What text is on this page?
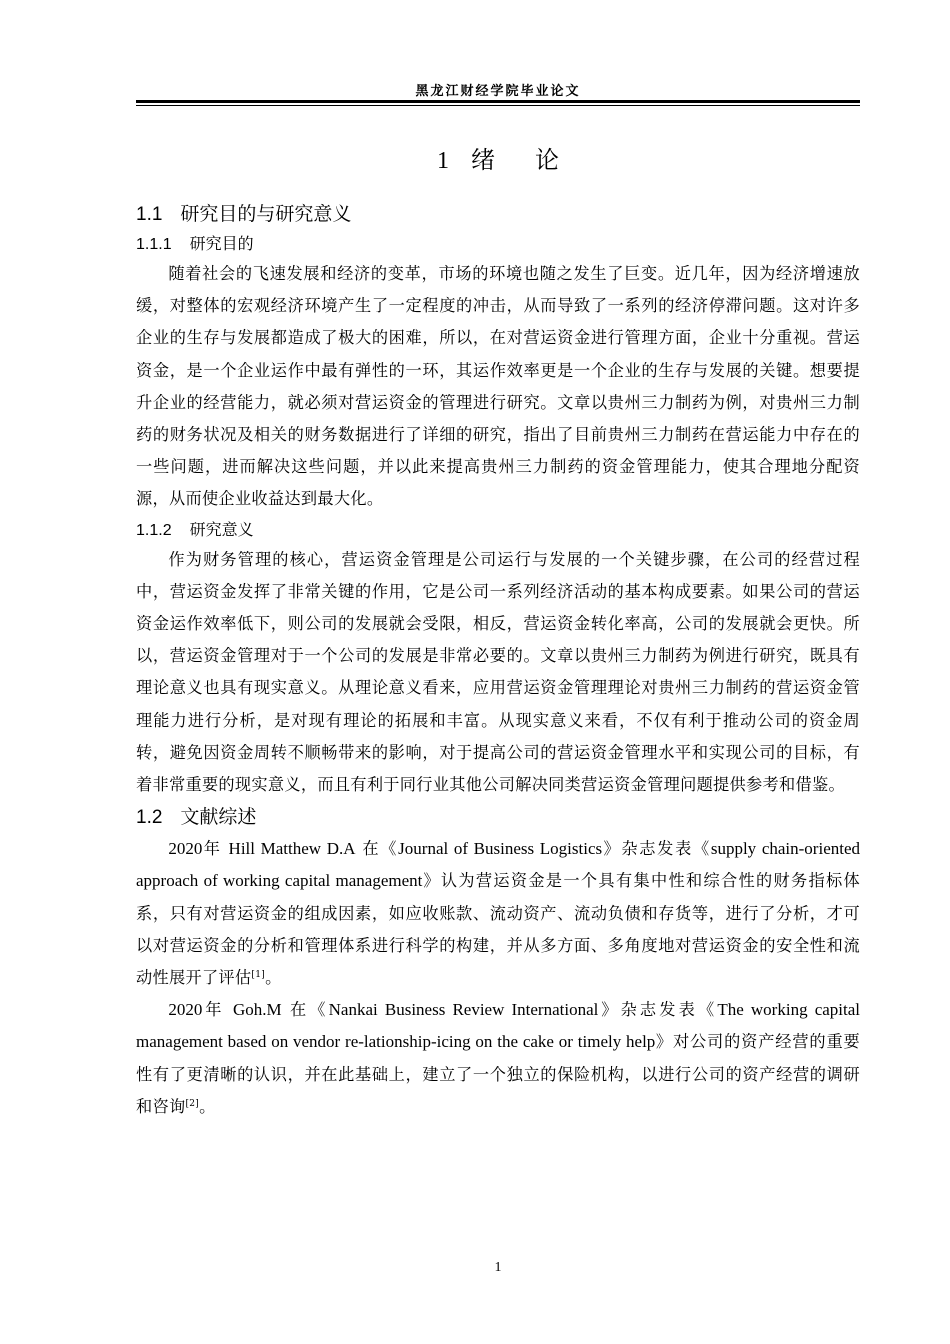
黑龙江财经学院毕业论文
1 绪 论
1.1 研究目的与研究意义
1.1.1 研究目的

随着社会的飞速发展和经济的变革，市场的环境也随之发生了巨变。近几年，因为经济增速放缓，对整体的宏观经济环境产生了一定程度的冲击，从而导致了一系列的经济停滞问题。这对许多企业的生存与发展都造成了极大的困难，所以，在对营运资金进行管理方面，企业十分重视。营运资金，是一个企业运作中最有弹性的一环，其运作效率更是一个企业的生存与发展的关键。想要提升企业的经营能力，就必须对营运资金的管理进行研究。文章以贵州三力制药为例，对贵州三力制药的财务状况及相关的财务数据进行了详细的研究，指出了目前贵州三力制药在营运能力中存在的一些问题，进而解决这些问题，并以此来提高贵州三力制药的资金管理能力，使其合理地分配资源，从而使企业收益达到最大化。

1.1.2 研究意义

作为财务管理的核心，营运资金管理是公司运行与发展的一个关键步骤，在公司的经营过程中，营运资金发挥了非常关键的作用，它是公司一系列经济活动的基本构成要素。如果公司的营运资金运作效率低下，则公司的发展就会受限，相反，营运资金转化率高，公司的发展就会更快。所以，营运资金管理对于一个公司的发展是非常必要的。文章以贵州三力制药为例进行研究，既具有理论意义也具有现实意义。从理论意义看来，应用营运资金管理理论对贵州三力制药的营运资金管理能力进行分析，是对现有理论的拓展和丰富。从现实意义来看，不仅有利于推动公司的资金周转，避免因资金周转不顺畅带来的影响，对于提高公司的营运资金管理水平和实现公司的目标，有着非常重要的现实意义，而且有利于同行业其他公司解决同类营运资金管理问题提供参考和借鉴。

1.2 文献综述

2020年 Hill Matthew D.A 在《Journal of Business Logistics》杂志发表《supply chain-oriented approach of working capital management》认为营运资金是一个具有集中性和综合性的财务指标体系，只有对营运资金的组成因素，如应收账款、流动资产、流动负债和存货等，进行了分析，才可以对营运资金的分析和管理体系进行科学的构建，并从多方面、多角度地对营运资金的安全性和流动性展开了评估[1]。

2020年 Goh.M 在《Nankai Business Review International》杂志发表《The working capital management based on vendor re-lationship-icing on the cake or timely help》对公司的资产经营的重要性有了更清晰的认识，并在此基础上，建立了一个独立的保险机构，以进行公司的资产经营的调研和咨询[2]。

1
